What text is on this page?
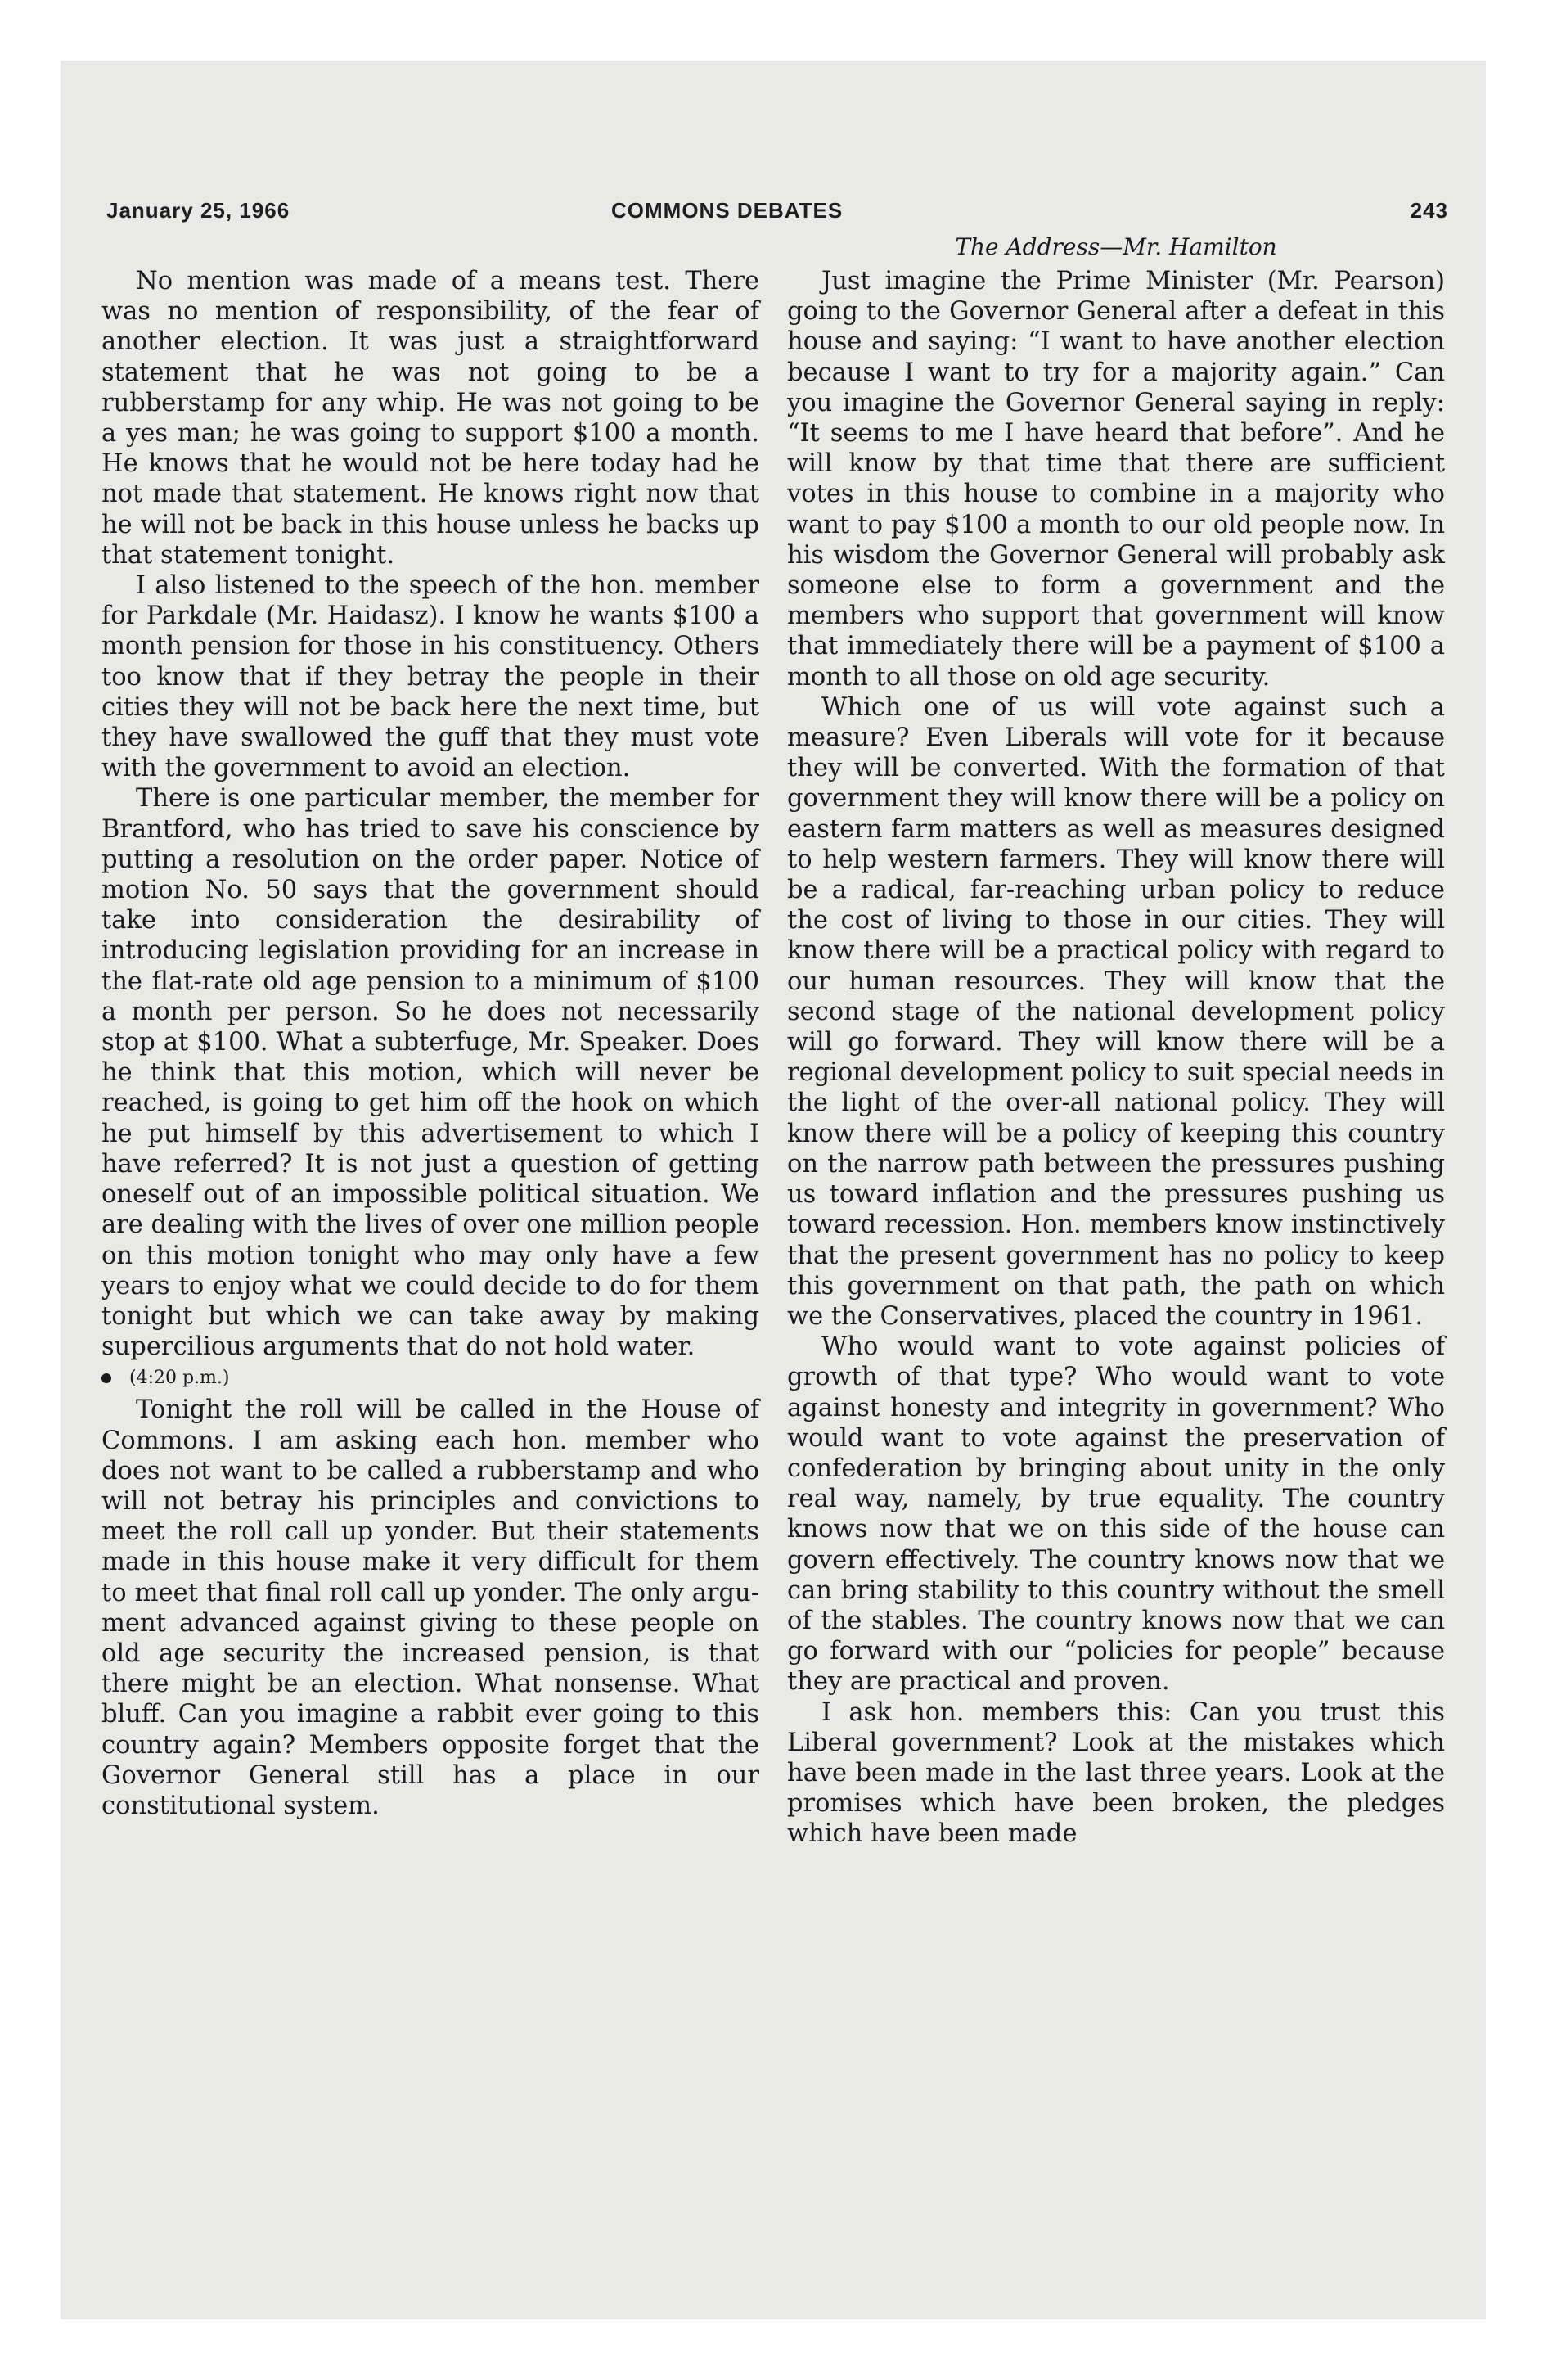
January 25, 1966	COMMONS DEBATES	243
The Address—Mr. Hamilton

No mention was made of a means test. There was no mention of responsibility, of the fear of another election. It was just a straightforward statement that he was not going to be a rubberstamp for any whip. He was not going to be a yes man; he was going to support $100 a month. He knows that he would not be here today had he not made that statement. He knows right now that he will not be back in this house unless he backs up that statement tonight.

I also listened to the speech of the hon. member for Parkdale (Mr. Haidasz). I know he wants $100 a month pension for those in his constituency. Others too know that if they betray the people in their cities they will not be back here the next time, but they have swallowed the guff that they must vote with the government to avoid an election.

There is one particular member, the member for Brantford, who has tried to save his conscience by putting a resolution on the order paper. Notice of motion No. 50 says that the government should take into consideration the desirability of introducing legislation providing for an increase in the flat-rate old age pension to a minimum of $100 a month per person. So he does not necessarily stop at $100. What a subterfuge, Mr. Speaker. Does he think that this motion, which will never be reached, is going to get him off the hook on which he put himself by this advertisement to which I have referred? It is not just a question of getting oneself out of an impossible political situation. We are dealing with the lives of over one million people on this motion tonight who may only have a few years to enjoy what we could decide to do for them tonight but which we can take away by making supercilious arguments that do not hold water.

(4:20 p.m.)

Tonight the roll will be called in the House of Commons. I am asking each hon. member who does not want to be called a rubberstamp and who will not betray his principles and convictions to meet the roll call up yonder. But their statements made in this house make it very difficult for them to meet that final roll call up yonder. The only argument advanced against giving to these people on old age security the increased pension, is that there might be an election. What nonsense. What bluff. Can you imagine a rabbit ever going to this country again? Members opposite forget that the Governor General still has a place in our constitutional system.

Just imagine the Prime Minister (Mr. Pearson) going to the Governor General after a defeat in this house and saying: “I want to have another election because I want to try for a majority again.” Can you imagine the Governor General saying in reply: “It seems to me I have heard that before”. And he will know by that time that there are sufficient votes in this house to combine in a majority who want to pay $100 a month to our old people now. In his wisdom the Governor General will probably ask someone else to form a government and the members who support that government will know that immediately there will be a payment of $100 a month to all those on old age security.

Which one of us will vote against such a measure? Even Liberals will vote for it because they will be converted. With the formation of that government they will know there will be a policy on eastern farm matters as well as measures designed to help western farmers. They will know there will be a radical, far-reaching urban policy to reduce the cost of living to those in our cities. They will know there will be a practical policy with regard to our human resources. They will know that the second stage of the national development policy will go forward. They will know there will be a regional development policy to suit special needs in the light of the over-all national policy. They will know there will be a policy of keeping this country on the narrow path between the pressures pushing us toward inflation and the pressures pushing us toward recession. Hon. members know instinctively that the present government has no policy to keep this government on that path, the path on which we the Conservatives, placed the country in 1961.

Who would want to vote against policies of growth of that type? Who would want to vote against honesty and integrity in government? Who would want to vote against the preservation of confederation by bringing about unity in the only real way, namely, by true equality. The country knows now that we on this side of the house can govern effectively. The country knows now that we can bring stability to this country without the smell of the stables. The country knows now that we can go forward with our “policies for people” because they are practical and proven.

I ask hon. members this: Can you trust this Liberal government? Look at the mistakes which have been made in the last three years. Look at the promises which have been broken, the pledges which have been made
